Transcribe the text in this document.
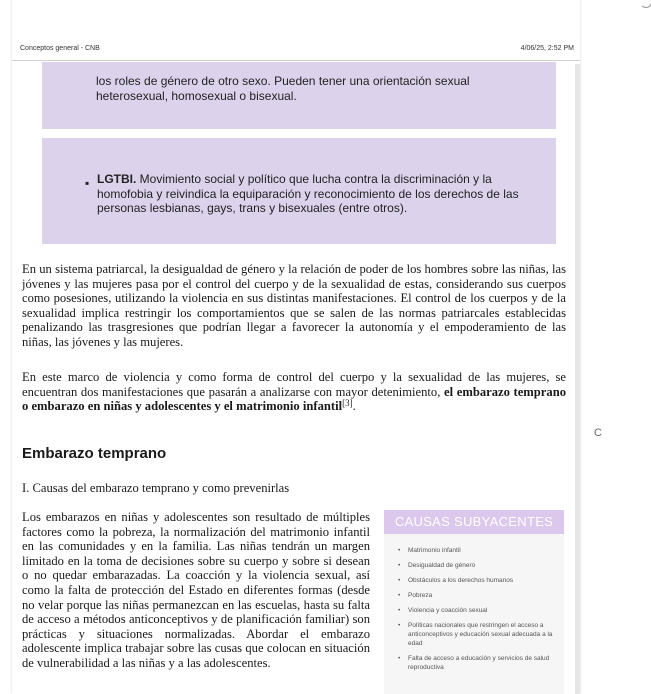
Conceptos general - CNB	4/06/25, 2:52 PM
los roles de género de otro sexo. Pueden tener una orientación sexual heterosexual, homosexual o bisexual.
▪ LGTBI. Movimiento social y político que lucha contra la discriminación y la homofobia y reivindica la equiparación y reconocimiento de los derechos de las personas lesbianas, gays, trans y bisexuales (entre otros).
En un sistema patriarcal, la desigualdad de género y la relación de poder de los hombres sobre las niñas, las jóvenes y las mujeres pasa por el control del cuerpo y de la sexualidad de estas, considerando sus cuerpos como posesiones, utilizando la violencia en sus distintas manifestaciones. El control de los cuerpos y de la sexualidad implica restringir los comportamientos que se salen de las normas patriarcales establecidas penalizando las trasgresiones que podrían llegar a favorecer la autonomía y el empoderamiento de las niñas, las jóvenes y las mujeres.
En este marco de violencia y como forma de control del cuerpo y la sexualidad de las mujeres, se encuentran dos manifestaciones que pasarán a analizarse con mayor detenimiento, el embarazo temprano o embarazo en niñas y adolescentes y el matrimonio infantil[3].
Embarazo temprano
I. Causas del embarazo temprano y como prevenirlas
Los embarazos en niñas y adolescentes son resultado de múltiples factores como la pobreza, la normalización del matrimonio infantil en las comunidades y en la familia. Las niñas tendrán un margen limitado en la toma de decisiones sobre su cuerpo y sobre si desean o no quedar embarazadas. La coacción y la violencia sexual, así como la falta de protección del Estado en diferentes formas (desde no velar porque las niñas permanezcan en las escuelas, hasta su falta de acceso a métodos anticonceptivos y de planificación familiar) son prácticas y situaciones normalizadas. Abordar el embarazo adolescente implica trabajar sobre las cusas que colocan en situación de vulnerabilidad a las niñas y a las adolescentes.
CAUSAS SUBYACENTES
• Matrimonio infantil
• Desigualdad de género
• Obstáculos a los derechos humanos
• Pobreza
• Violencia y coacción sexual
• Políticas nacionales que restringen el acceso a anticonceptivos y educación sexual adecuada a la edad
• Falta de acceso a educación y servicios de salud reproductiva
C
